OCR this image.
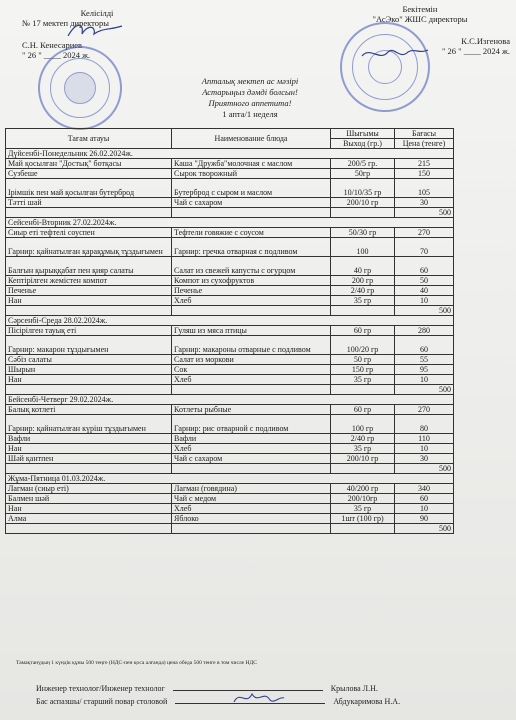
Келісілді
№ 17 мектеп директоры
С.Н. Кенесариев
" 26 " ____ 2024 ж.
Бекітемін
"АсЭко" ЖШС директоры
К.С.Изгенова
" 26 " ____ 2024 ж.
Апталық мектеп ас мәзірі
Астарыңыз дәмді болсын!
Приятного аппетита!
1 апта/1 неделя
Тағам атауы	Наименование блюда	Шығымы	Бағасы
		Выход (гр.)	Цена (тенге)
Дүйсенбі-Понедельник 26.02.2024ж.			
Май қосылған "Достық" ботқасы	Каша "Дружба"молочная с маслом	200/5 гр.	215
Сузбеше	Сырок творожный	50гр	150
Ірімшік пен май қосылған бутерброд	Бутерброд с сыром и маслом	10/10/35 гр	105
Тәтті шай	Чай с сахаром	200/10 гр	30
			500
Сейсенбі-Вторник 27.02.2024ж.			
Сиыр еті тефтелі соуспен	Тефтели говяжие с соусом	50/30 гр	270
Гарнир: қайнатылған қарақұмық тұздығымен	Гарнир: гречка отварная с подливом	100	70
Балғын қырыққабат пен қияр салаты	Салат из свежей капусты с огурцом	40 гр	60
Кептірілген жемістен компот	Компот из сухофруктов	200 гр	50
Печенье	Печенье	2/40 гр	40
Нан	Хлеб	35 гр	10
			500
Сәрсенбі-Среда 28.02.2024ж.			
Пісірілген тауық еті	Гуляш из мяса птицы	60 гр	280
Гарнир: макарон тұздығымен	Гарнир: макароны отварные с подливом	100/20 гр	60
Сәбіз салаты	Салат из моркови	50 гр	55
Шырын	Сок	150 гр	95
Нан	Хлеб	35 гр	10
			500
Бейсенбі-Четверг 29.02.2024ж.			
Балық котлеті	Котлеты рыбные	60 гр	270
Гарнир: қайнатылған күріш тұздығымен	Гарнир: рис отварной с подливом	100 гр	80
Вафли	Вафли	2/40 гр	110
Нан	Хлеб	35 гр	10
Шәй қантпен	Чай с сахаром	200/10 гр	30
			500
Жұма-Пятница 01.03.2024ж.			
Лагман (сиыр еті)	Лагман (говядина)	40/200 гр	340
Балмен шәй	Чай с медом	200/10гр	60
Нан	Хлеб	35 гр	10
Алма	Яблоко	1шт (100 гр)	90
			500
Тамақтанудың 1 күндік құны 500 теңге (НДС-пен қоса алғанда) цена обеда 500 тенге в том числе НДС
Инженер технолог/Инженер технолог	Крылова Л.Н.
Бас аспазшы/ старший повар столовой	Абдукаримова Н.А.
